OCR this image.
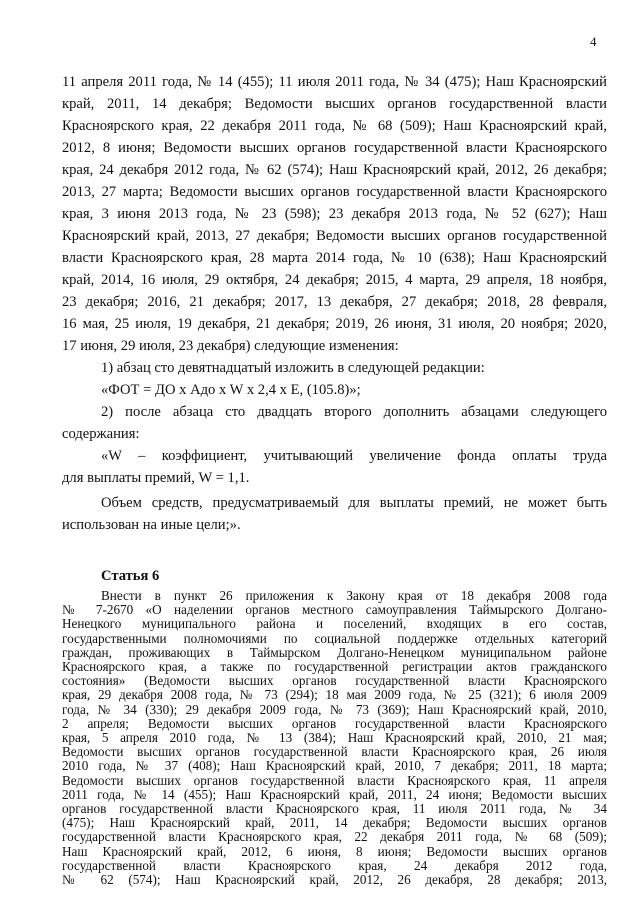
4
11 апреля 2011 года, № 14 (455); 11 июля 2011 года, № 34 (475); Наш Красноярский
край, 2011, 14 декабря; Ведомости высших органов государственной власти
Красноярского края, 22 декабря 2011 года, № 68 (509); Наш Красноярский край,
2012, 8 июня; Ведомости высших органов государственной власти Красноярского
края, 24 декабря 2012 года, № 62 (574); Наш Красноярский край, 2012, 26 декабря;
2013, 27 марта; Ведомости высших органов государственной власти Красноярского
края, 3 июня 2013 года, № 23 (598); 23 декабря 2013 года, № 52 (627); Наш
Красноярский край, 2013, 27 декабря; Ведомости высших органов государственной
власти Красноярского края, 28 марта 2014 года, № 10 (638); Наш Красноярский
край, 2014, 16 июля, 29 октября, 24 декабря; 2015, 4 марта, 29 апреля, 18 ноября,
23 декабря; 2016, 21 декабря; 2017, 13 декабря, 27 декабря; 2018, 28 февраля,
16 мая, 25 июля, 19 декабря, 21 декабря; 2019, 26 июня, 31 июля, 20 ноября; 2020,
17 июня, 29 июля, 23 декабря) следующие изменения:
1) абзац сто девятнадцатый изложить в следующей редакции:
«ФОТ = ДО x Адо x W x 2,4 x Е, (105.8)»;
2) после абзаца сто двадцать второго дополнить абзацами следующего
содержания:
«W – коэффициент, учитывающий увеличение фонда оплаты труда
для выплаты премий, W = 1,1.
Объем средств, предусматриваемый для выплаты премий, не может быть
использован на иные цели;».
Статья 6
Внести в пункт 26 приложения к Закону края от 18 декабря 2008 года
№ 7-2670 «О наделении органов местного самоуправления Таймырского Долгано-
Ненецкого муниципального района и поселений, входящих в его состав,
государственными полномочиями по социальной поддержке отдельных категорий
граждан, проживающих в Таймырском Долгано-Ненецком муниципальном районе
Красноярского края, а также по государственной регистрации актов гражданского
состояния» (Ведомости высших органов государственной власти Красноярского
края, 29 декабря 2008 года, № 73 (294); 18 мая 2009 года, № 25 (321); 6 июля 2009
года, № 34 (330); 29 декабря 2009 года, № 73 (369); Наш Красноярский край, 2010,
2 апреля; Ведомости высших органов государственной власти Красноярского
края, 5 апреля 2010 года, № 13 (384); Наш Красноярский край, 2010, 21 мая;
Ведомости высших органов государственной власти Красноярского края, 26 июля
2010 года, № 37 (408); Наш Красноярский край, 2010, 7 декабря; 2011, 18 марта;
Ведомости высших органов государственной власти Красноярского края, 11 апреля
2011 года, № 14 (455); Наш Красноярский край, 2011, 24 июня; Ведомости высших
органов государственной власти Красноярского края, 11 июля 2011 года, № 34
(475); Наш Красноярский край, 2011, 14 декабря; Ведомости высших органов
государственной власти Красноярского края, 22 декабря 2011 года, № 68 (509);
Наш Красноярский край, 2012, 6 июня, 8 июня; Ведомости высших органов
государственной власти Красноярского края, 24 декабря 2012 года,
№ 62 (574); Наш Красноярский край, 2012, 26 декабря, 28 декабря; 2013,
